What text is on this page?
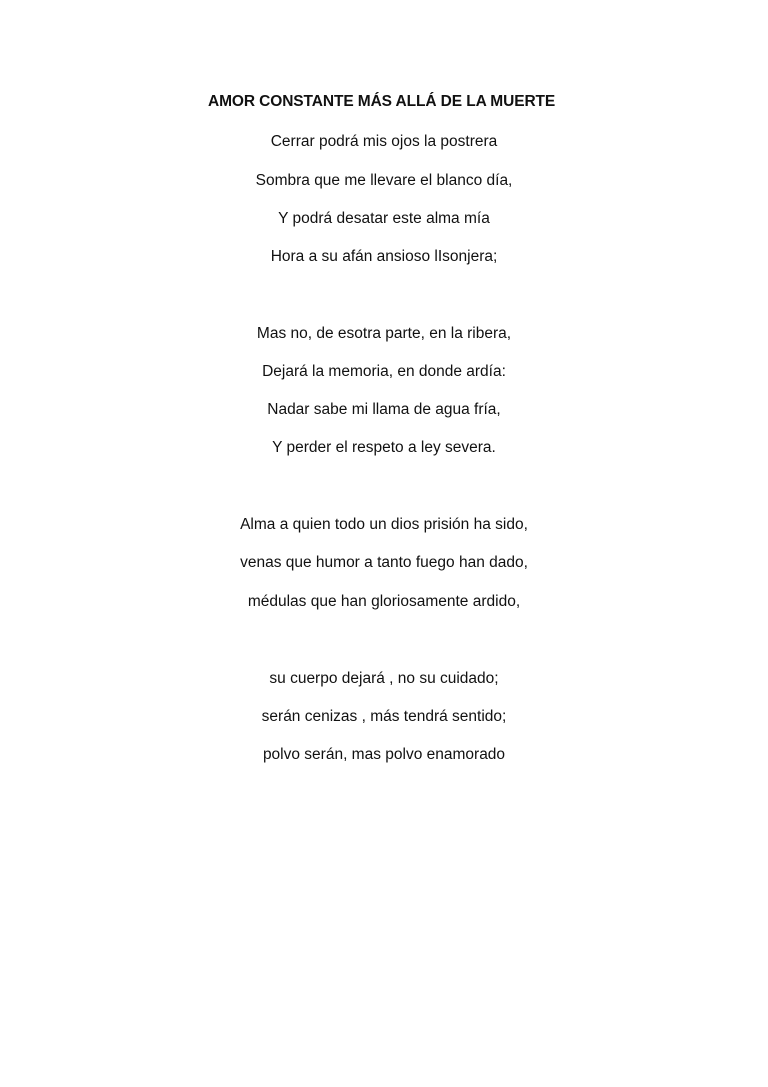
AMOR CONSTANTE MÁS ALLÁ DE LA MUERTE
Cerrar podrá mis ojos la postrera
Sombra que me llevare el blanco día,
Y podrá desatar este alma mía
Hora a su afán ansioso lIsonjera;
Mas no, de esotra parte, en la ribera,
Dejará la memoria, en donde ardía:
Nadar sabe mi llama de agua fría,
Y perder el respeto a ley severa.
Alma a quien todo un dios prisión ha sido,
venas que humor a tanto fuego han dado,
médulas que han gloriosamente ardido,
su cuerpo dejará , no su cuidado;
serán cenizas , más tendrá sentido;
polvo serán, mas polvo enamorado
